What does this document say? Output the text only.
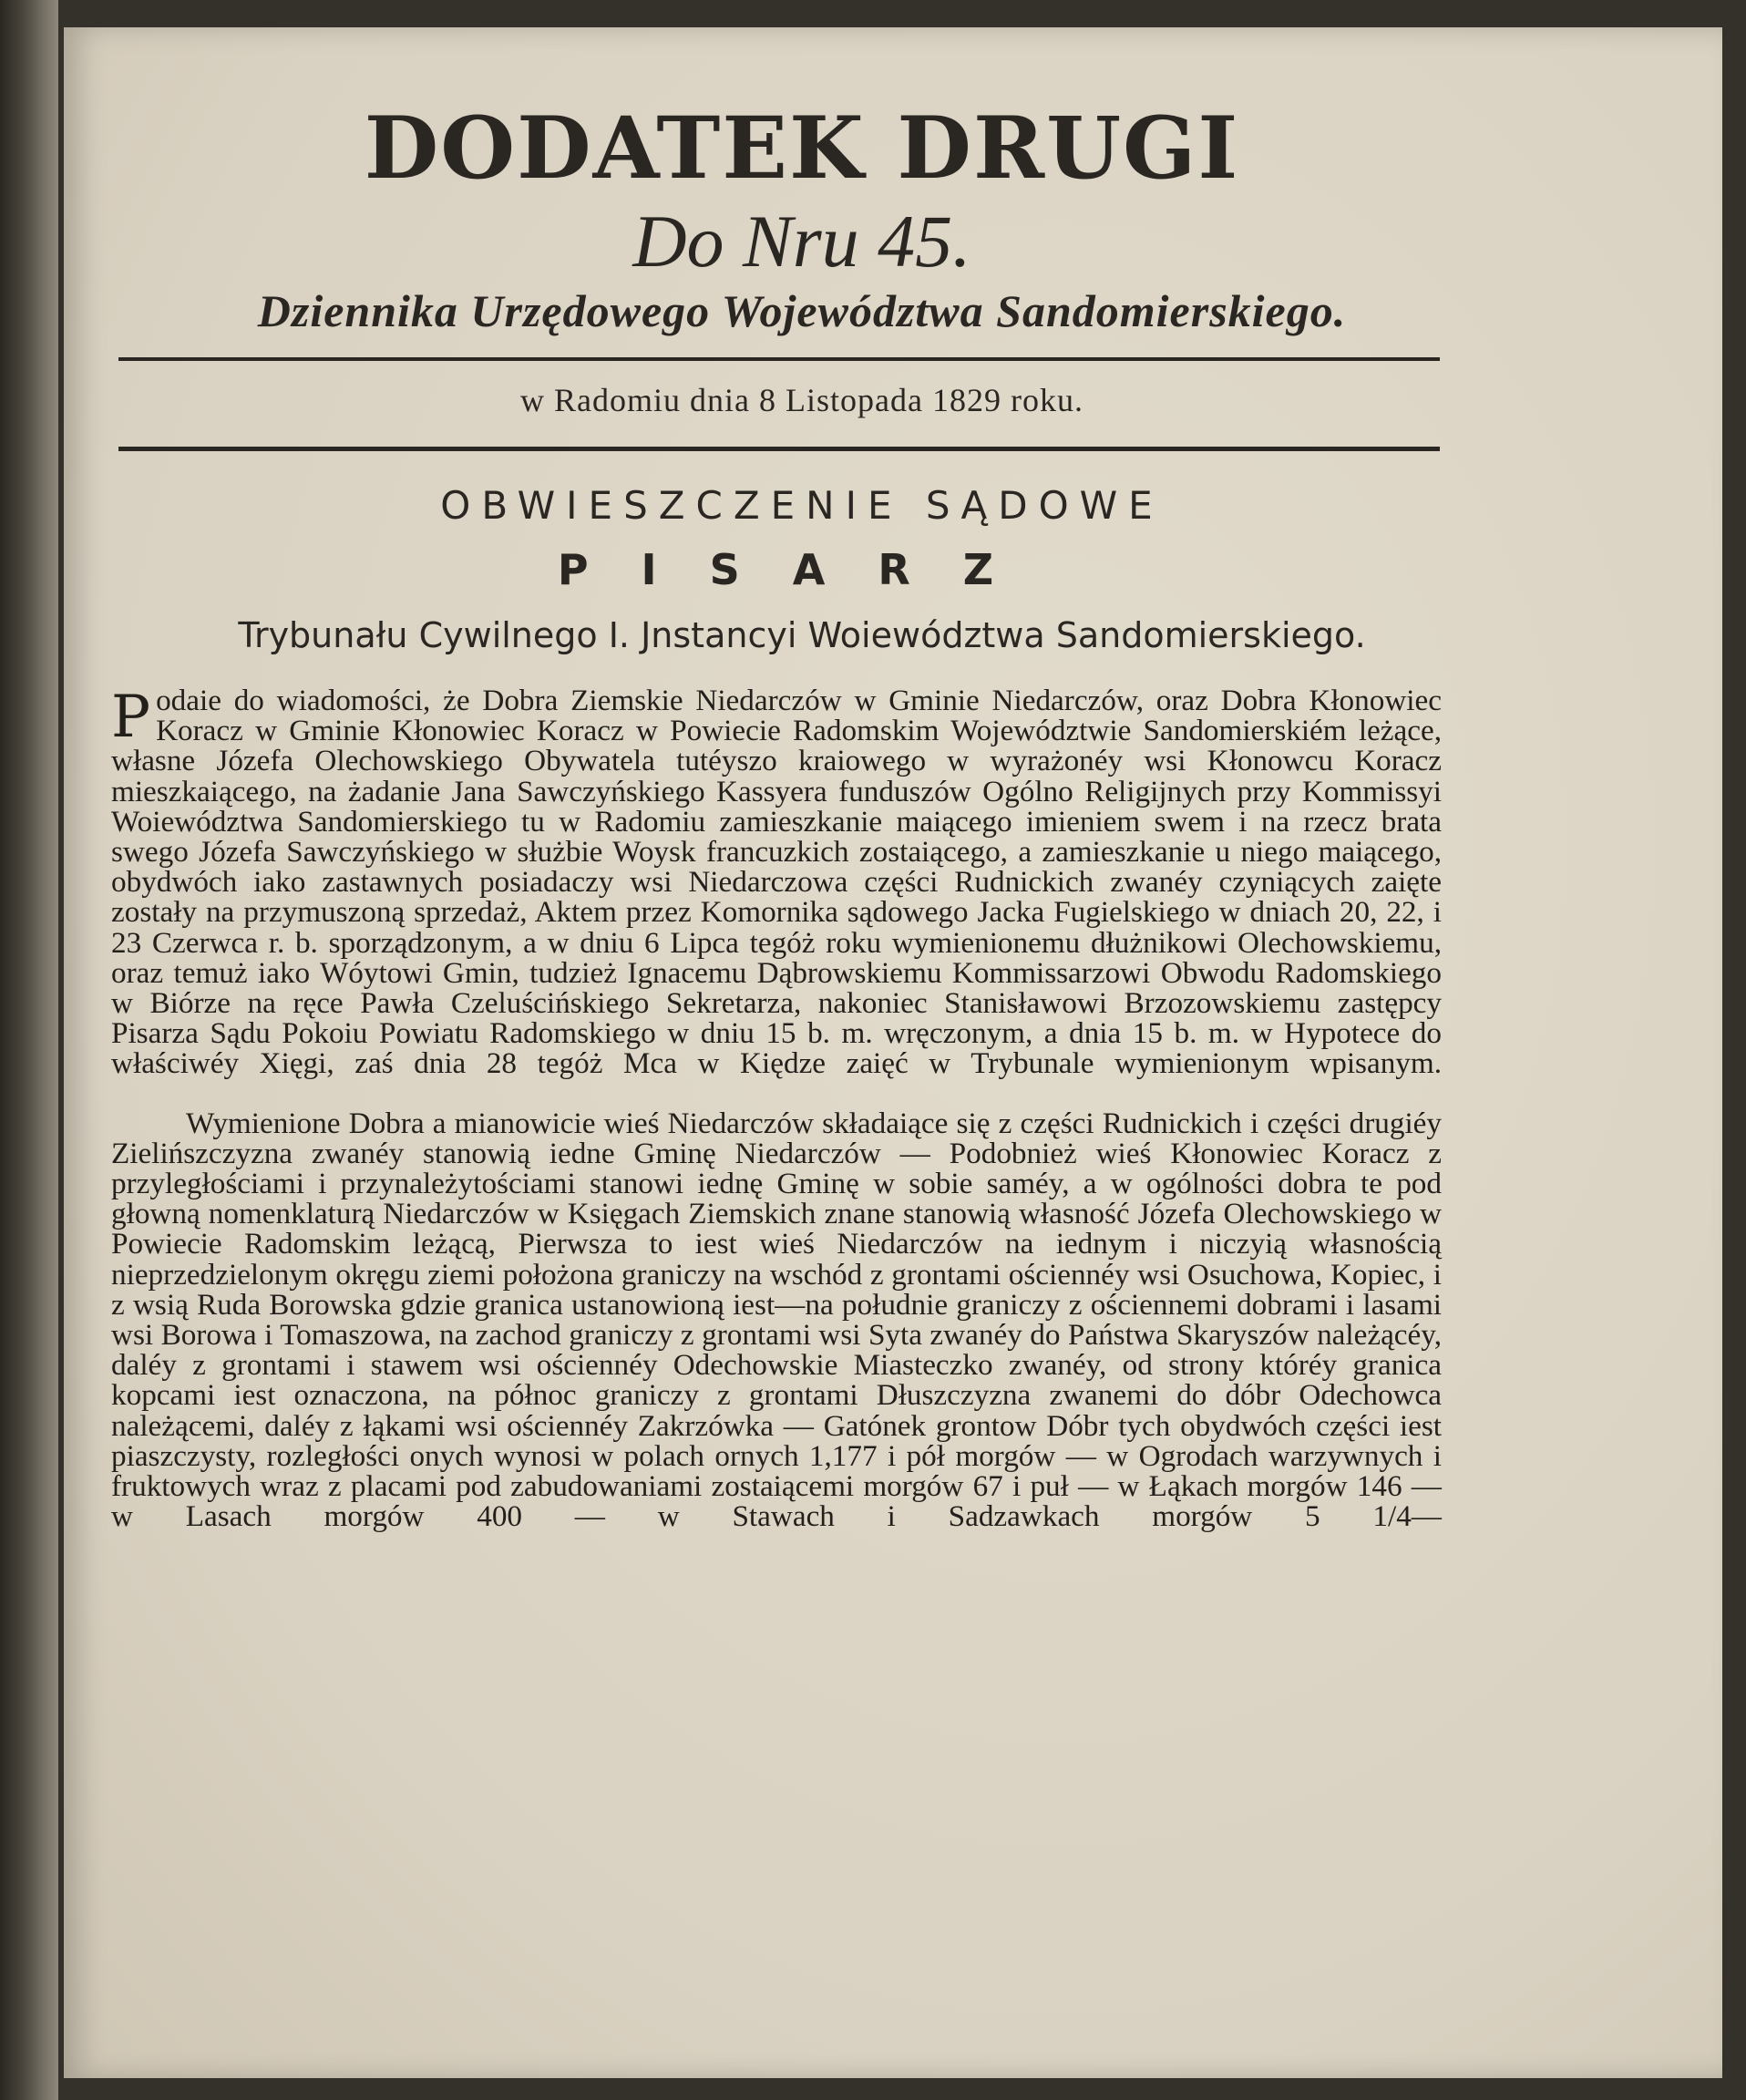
DODATEK DRUGI
Do Nru 45.
Dziennika Urzędowego Województwa Sandomierskiego.
w Radomiu dnia 8 Listopada 1829 roku.
OBWIESZCZENIE SĄDOWE
PISARZ
Trybunału Cywilnego I. Jnstancyi Woiewództwa Sandomierskiego.

Podaie do wiadomości, że Dobra Ziemskie Niedarczów w Gminie Niedarczów, oraz Dobra Kłonowiec Koracz w Gminie Kłonowiec Koracz w Powiecie Radomskim Województwie Sandomierskiém leżące, własne Józefa Olechowskiego Obywatela tutéyszo kraiowego w wyrażonéy wsi Kłonowcu Koracz mieszkaiącego, na żadanie Jana Sawczyńskiego Kassyera funduszów Ogólno Religijnych przy Kommissyi Woiewództwa Sandomierskiego tu w Radomiu zamieszkanie maiącego imieniem swem i na rzecz brata swego Józefa Sawczyńskiego w służbie Woysk francuzkich zostaiącego, a zamieszkanie u niego maiącego, obydwóch iako zastawnych posiadaczy wsi Niedarczowa części Rudnickich zwanéy czyniących zaięte zostały na przymuszoną sprzedaż, Aktem przez Komornika sądowego Jacka Fugielskiego w dniach 20, 22, i 23 Czerwca r. b. sporządzonym, a w dniu 6 Lipca tegóż roku wymienionemu dłużnikowi Olechowskiemu, oraz temuż iako Wóytowi Gmin, tudzież Ignacemu Dąbrowskiemu Kommissarzowi Obwodu Radomskiego w Biórze na ręce Pawła Czeluścińskiego Sekretarza, nakoniec Stanisławowi Brzozowskiemu zastępcy Pisarza Sądu Pokoiu Powiatu Radomskiego w dniu 15 b. m. wręczonym, a dnia 15 b. m. w Hypotece do właściwéy Xięgi, zaś dnia 28 tegóż Mca w Kiędze zaięć w Trybunale wymienionym wpisanym.

Wymienione Dobra a mianowicie wieś Niedarczów składaiące się z części Rudnickich i części drugiéy Zielińszczyzna zwanéy stanowią iedne Gminę Niedarczów — Podobnież wieś Kłonowiec Koracz z przyległościami i przynależytościami stanowi iednę Gminę w sobie saméy, a w ogólności dobra te pod głowną nomenklaturą Niedarczów w Księgach Ziemskich znane stanowią własność Józefa Olechowskiego w Powiecie Radomskim leżącą, Pierwsza to iest wieś Niedarczów na iednym i niczyią własnością nieprzedzielonym okręgu ziemi położona graniczy na wschód z grontami ościennéy wsi Osuchowa, Kopiec, i z wsią Ruda Borowska gdzie granica ustanowioną iest—na południe graniczy z ościennemi dobrami i lasami wsi Borowa i Tomaszowa, na zachod graniczy z grontami wsi Syta zwanéy do Państwa Skaryszów należącéy, daléy z grontami i stawem wsi ościennéy Odechowskie Miasteczko zwanéy, od strony któréy granica kopcami iest oznaczona, na północ graniczy z grontami Dłuszczyzna zwanemi do dóbr Odechowca należącemi, daléy z łąkami wsi ościennéy Zakrzówka — Gatónek grontow Dóbr tych obydwóch części iest piaszczysty, rozległości onych wynosi w polach ornych 1,177 i pół morgów — w Ogrodach warzywnych i fruktowych wraz z placami pod zabudowaniami zostaiącemi morgów 67 i puł — w Łąkach morgów 146 — w Lasach morgów 400 — w Stawach i Sadzawkach morgów 5 1/4—
